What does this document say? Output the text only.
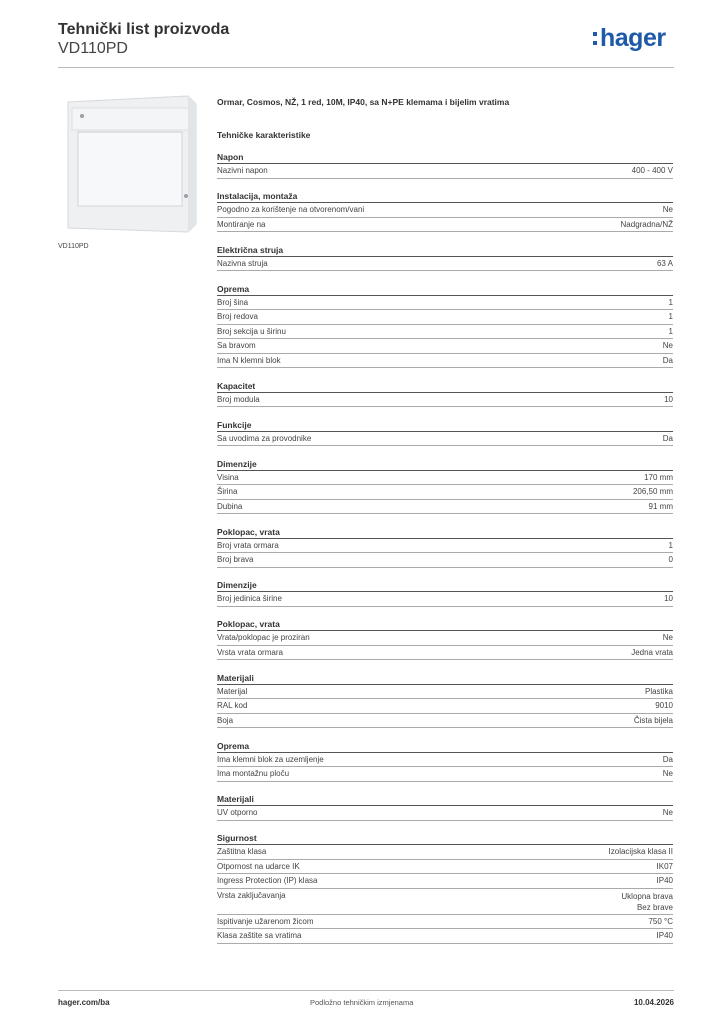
Tehnički list proizvoda
VD110PD	hager
VD110PD
Ormar, Cosmos, NŽ, 1 red, 10M, IP40, sa N+PE klemama i bijelim vratima
Tehničke karakteristike
Napon
Nazivni napon	400 - 400 V
Instalacija, montaža
Pogodno za korištenje na otvorenom/vani	Ne
Montiranje na	Nadgradna/NŽ
Električna struja
Nazivna struja	63 A
Oprema
Broj šina	1
Broj redova	1
Broj sekcija u širinu	1
Sa bravom	Ne
Ima N klemni blok	Da
Kapacitet
Broj modula	10
Funkcije
Sa uvodima za provodnike	Da
Dimenzije
Visina	170 mm
Širina	206,50 mm
Dubina	91 mm
Poklopac, vrata
Broj vrata ormara	1
Broj brava	0
Dimenzije
Broj jedinica širine	10
Poklopac, vrata
Vrata/poklopac je proziran	Ne
Vrsta vrata ormara	Jedna vrata
Materijali
Materijal	Plastika
RAL kod	9010
Boja	Čista bijela
Oprema
Ima klemni blok za uzemljenje	Da
Ima montažnu ploču	Ne
Materijali
UV otporno	Ne
Sigurnost
Zaštitna klasa	Izolacijska klasa II
Otpornost na udarce IK	IK07
Ingress Protection (IP) klasa	IP40
Vrsta zaključavanja	Uklopna brava
Bez brave
Ispitivanje užarenom žicom	750 °C
Klasa zaštite sa vratima	IP40
hager.com/ba	Podložno tehničkim izmjenama	10.04.2026
